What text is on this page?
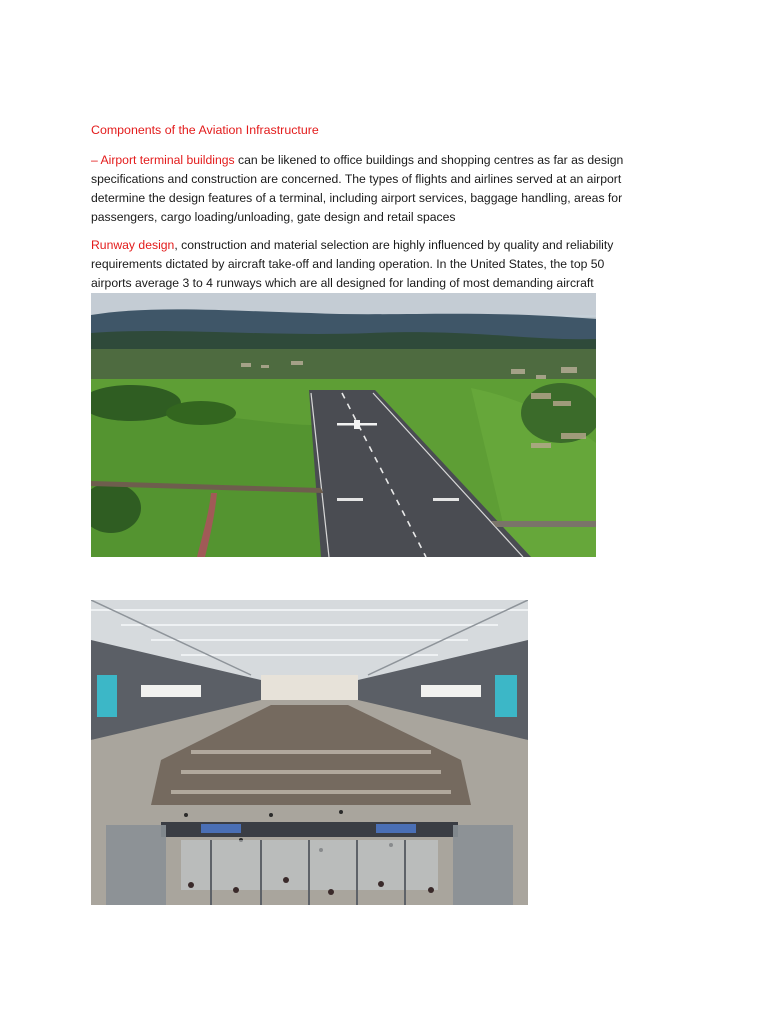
Components of the Aviation Infrastructure
– Airport terminal buildings can be likened to office buildings and shopping centres as far as design
specifications and construction are concerned. The types of flights and airlines served at an airport
determine the design features of a terminal, including airport services, baggage handling, areas for
passengers, cargo loading/unloading, gate design and retail spaces
Runway design, construction and material selection are highly influenced by quality and reliability
requirements dictated by aircraft take-off and landing operation. In the United States, the top 50
airports average 3 to 4 runways which are all designed for landing of most demanding aircraft
